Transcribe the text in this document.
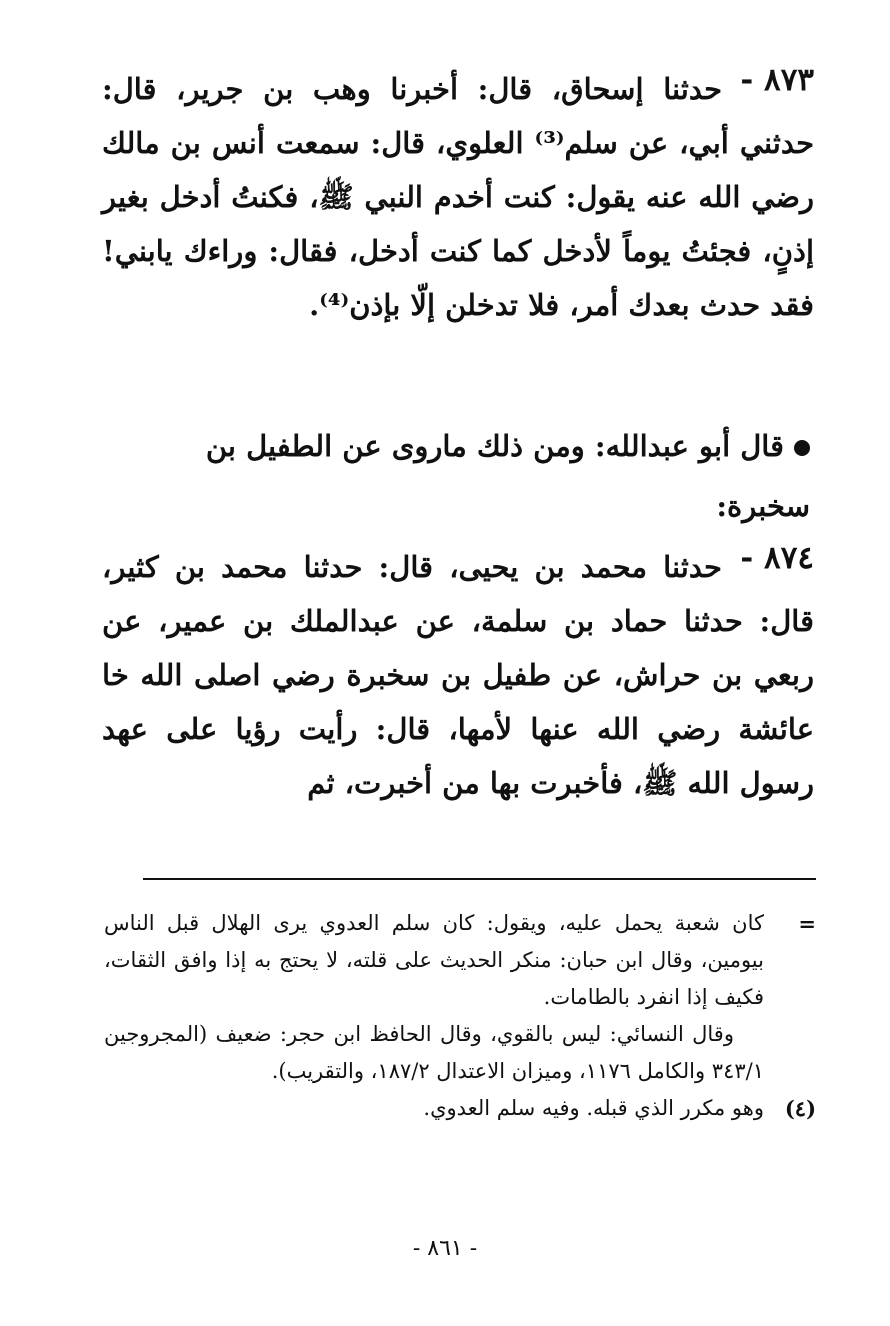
٨٧٣ -

حدثنا إسحاق، قال: أخبرنا وهب بن جرير، قال: حدثني أبي، عن سلم⁽³⁾ العلوي، قال: سمعت أنس بن مالك رضي الله عنه يقول: كنت أخدم النبي ﷺ، فكنتُ أدخل بغير إذنٍ، فجئتُ يوماً لأدخل كما كنت أدخل، فقال: وراءك يابني! فقد حدث بعدك أمر، فلا تدخلن إلّا بإذن⁽⁴⁾.

قال أبو عبدالله: ومن ذلك ماروى عن الطفيل بن سخبرة:
٨٧٤ -

حدثنا محمد بن يحيى، قال: حدثنا محمد بن كثير، قال: حدثنا حماد بن سلمة، عن عبدالملك بن عمير، عن ربعي بن حراش، عن طفيل بن سخبرة رضي اصلى الله خا عائشة رضي الله عنها لأمها، قال: رأيت رؤيا على عهد رسول الله ﷺ، فأخبرت بها من أخبرت، ثم

=
كان شعبة يحمل عليه، ويقول: كان سلم العدوي يرى الهلال قبل الناس بيومين، وقال ابن حبان: منكر الحديث على قلته، لا يحتج به إذا وافق الثقات، فكيف إذا انفرد بالطامات.

وقال النسائي: ليس بالقوي، وقال الحافظ ابن حجر: ضعيف (المجروجين ٣٤٣/١ والكامل ١١٧٦، وميزان الاعتدال ١٨٧/٢، والتقريب).

(٤)
وهو مكرر الذي قبله. وفيه سلم العدوي.

- ٨٦١ -
